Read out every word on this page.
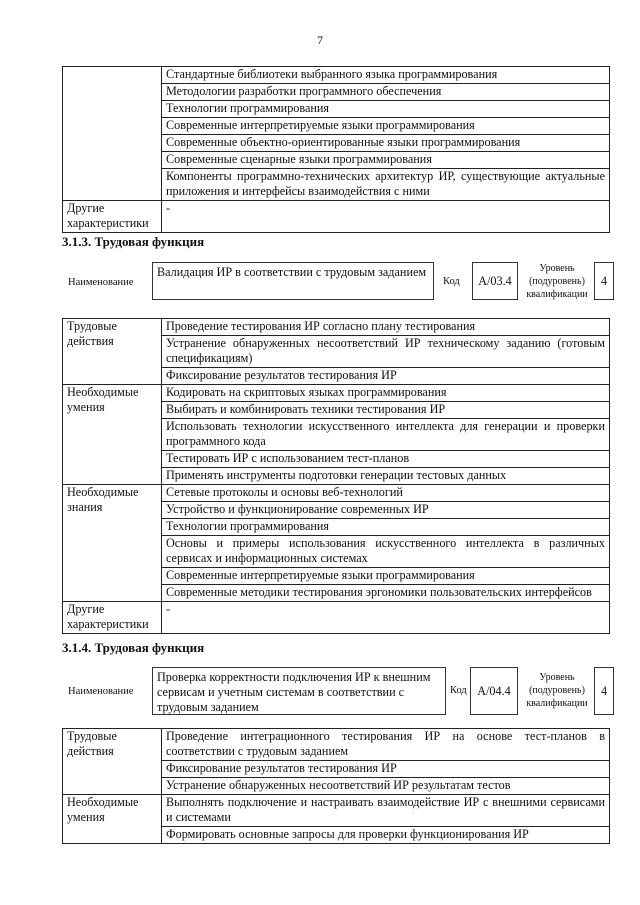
7
	Стандартные библиотеки выбранного языка программирования
	Методологии разработки программного обеспечения
	Технологии программирования
	Современные интерпретируемые языки программирования
	Современные объектно-ориентированные языки программирования
	Современные сценарные языки программирования
	Компоненты программно-технических архитектур ИР, существующие актуальные приложения и интерфейсы взаимодействия с ними
Другие характеристики	-
3.1.3. Трудовая функция
Наименование
Валидация ИР в соответствии с трудовым заданием
Код	A/03.4
Уровень (подуровень) квалификации
4
Трудовые действия	Проведение тестирования ИР согласно плану тестирования
	Устранение обнаруженных несоответствий ИР техническому заданию (готовым спецификациям)
	Фиксирование результатов тестирования ИР
Необходимые умения	Кодировать на скриптовых языках программирования
	Выбирать и комбинировать техники тестирования ИР
	Использовать технологии искусственного интеллекта для генерации и проверки программного кода
	Тестировать ИР с использованием тест-планов
	Применять инструменты подготовки генерации тестовых данных
Необходимые знания	Сетевые протоколы и основы веб-технологий
	Устройство и функционирование современных ИР
	Технологии программирования
	Основы и примеры использования искусственного интеллекта в различных сервисах и информационных системах
	Современные интерпретируемые языки программирования
	Современные методики тестирования эргономики пользовательских интерфейсов
Другие характеристики	-
3.1.4. Трудовая функция
Наименование
Проверка корректности подключения ИР к внешним сервисам и учетным системам в соответствии с трудовым заданием
Код A/04.4
Уровень (подуровень) квалификации
4
Трудовые действия	Проведение интеграционного тестирования ИР на основе тест-планов в соответствии с трудовым заданием
	Фиксирование результатов тестирования ИР
	Устранение обнаруженных несоответствий ИР результатам тестов
Необходимые умения	Выполнять подключение и настраивать взаимодействие ИР с внешними сервисами и системами
	Формировать основные запросы для проверки функционирования ИР
